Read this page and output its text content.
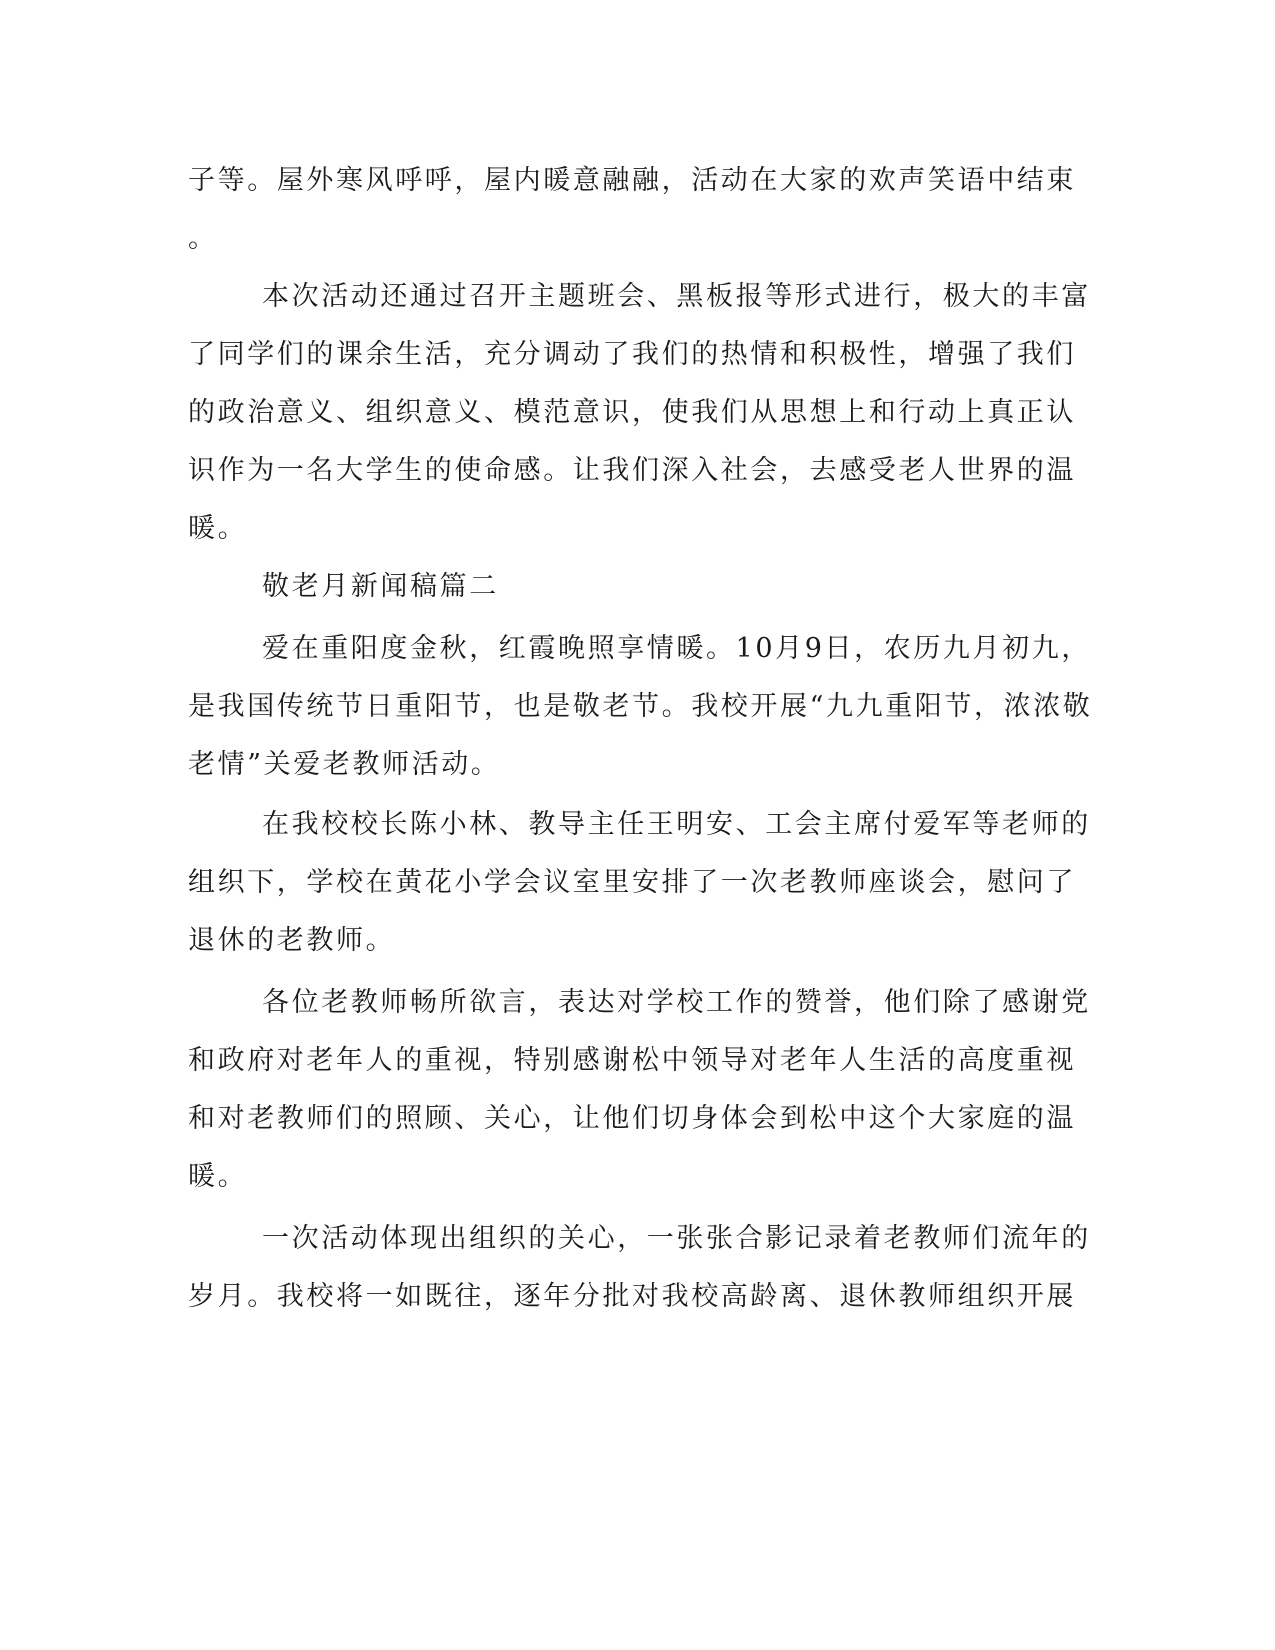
子等。屋外寒风呼呼，屋内暖意融融，活动在大家的欢声笑语中结束
。
本次活动还通过召开主题班会、黑板报等形式进行，极大的丰富
了同学们的课余生活，充分调动了我们的热情和积极性，增强了我们
的政治意义、组织意义、模范意识，使我们从思想上和行动上真正认
识作为一名大学生的使命感。让我们深入社会，去感受老人世界的温
暖。
敬老月新闻稿篇二
爱在重阳度金秋，红霞晚照享情暖。10月9日，农历九月初九，
是我国传统节日重阳节，也是敬老节。我校开展“九九重阳节，浓浓敬
老情”关爱老教师活动。
在我校校长陈小林、教导主任王明安、工会主席付爱军等老师的
组织下，学校在黄花小学会议室里安排了一次老教师座谈会，慰问了
退休的老教师。
各位老教师畅所欲言，表达对学校工作的赞誉，他们除了感谢党
和政府对老年人的重视，特别感谢松中领导对老年人生活的高度重视
和对老教师们的照顾、关心，让他们切身体会到松中这个大家庭的温
暖。
一次活动体现出组织的关心，一张张合影记录着老教师们流年的
岁月。我校将一如既往，逐年分批对我校高龄离、退休教师组织开展
